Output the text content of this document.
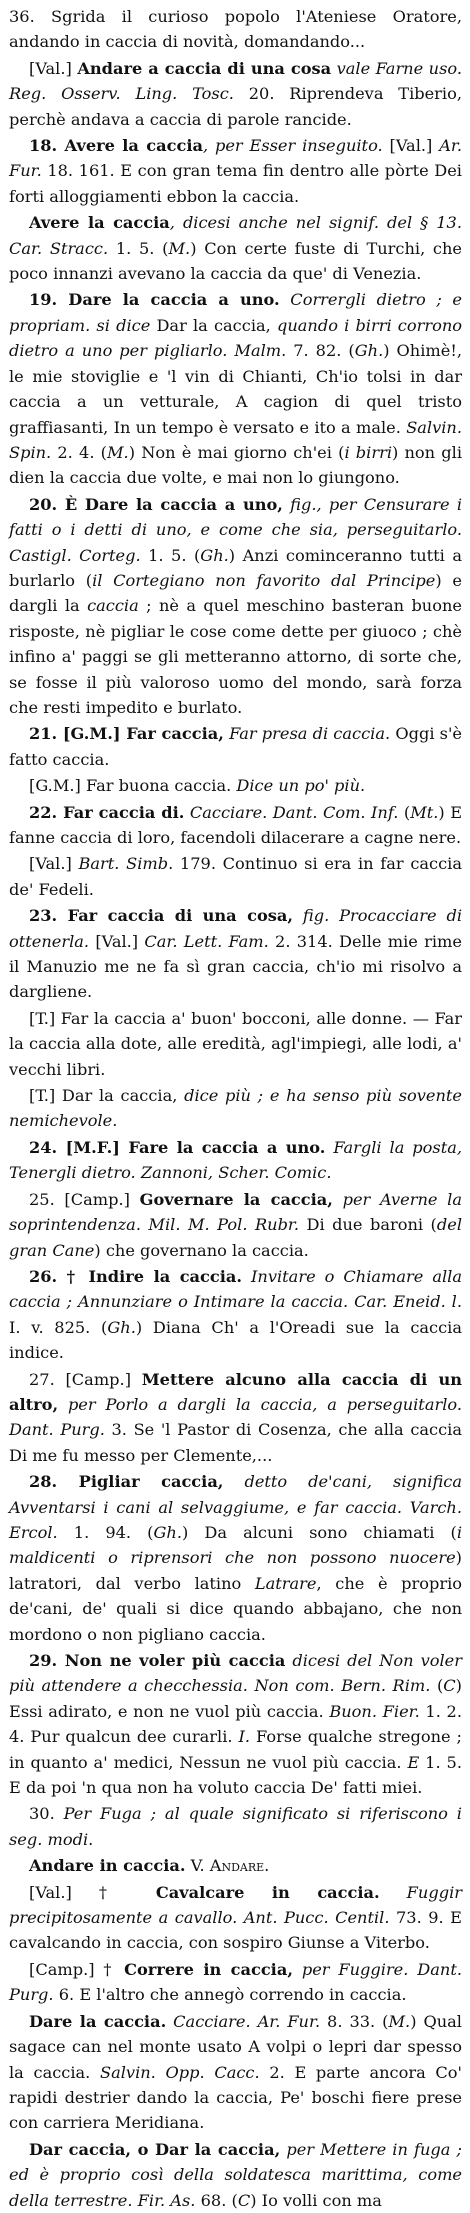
36. Sgrida il curioso popolo l'Ateniese Oratore, andando in caccia di novità, domandando...

[Val.] Andare a caccia di una cosa vale Farne uso. Reg. Osserv. Ling. Tosc. 20. Riprendeva Tiberio, perchè andava a caccia di parole rancide.

18. Avere la caccia, per Esser inseguito. [Val.] Ar. Fur. 18. 161. E con gran tema fin dentro alle pòrte Dei forti alloggiamenti ebbon la caccia.

Avere la caccia, dicesi anche nel signif. del § 13. Car. Stracc. 1. 5. (M.) Con certe fuste di Turchi, che poco innanzi avevano la caccia da que' di Venezia.

19. Dare la caccia a uno. Corrergli dietro ; e propriam. si dice Dar la caccia, quando i birri corrono dietro a uno per pigliarlo. Malm. 7. 82. (Gh.) Ohimè!, le mie stoviglie e 'l vin di Chianti, Ch'io tolsi in dar caccia a un vetturale, A cagion di quel tristo graffiasanti, In un tempo è versato e ito a male. Salvin. Spin. 2. 4. (M.) Non è mai giorno ch'ei (i birri) non gli dien la caccia due volte, e mai non lo giungono.

20. È Dare la caccia a uno, fig., per Censurare i fatti o i detti di uno, e come che sia, perseguitarlo. Castigl. Corteg. 1. 5. (Gh.) Anzi cominceranno tutti a burlarlo (il Cortegiano non favorito dal Principe) e dargli la caccia ; nè a quel meschino basteran buone risposte, nè pigliar le cose come dette per giuoco ; chè infino a' paggi se gli metteranno attorno, di sorte che, se fosse il più valoroso uomo del mondo, sarà forza che resti impedito e burlato.

21. [G.M.] Far caccia, Far presa di caccia. Oggi s'è fatto caccia.

[G.M.] Far buona caccia. Dice un po' più.

22. Far caccia di. Cacciare. Dant. Com. Inf. (Mt.) E fanne caccia di loro, facendoli dilacerare a cagne nere.

[Val.] Bart. Simb. 179. Continuo si era in far caccia de' Fedeli.

23. Far caccia di una cosa, fig. Procacciare di ottenerla. [Val.] Car. Lett. Fam. 2. 314. Delle mie rime il Manuzio me ne fa sì gran caccia, ch'io mi risolvo a dargliene.

[T.] Far la caccia a' buon' bocconi, alle donne. — Far la caccia alla dote, alle eredità, agl'impiegi, alle lodi, a' vecchi libri.

[T.] Dar la caccia, dice più ; e ha senso più sovente nemichevole.

24. [M.F.] Fare la caccia a uno. Fargli la posta, Tenergli dietro. Zannoni, Scher. Comic.

25. [Camp.] Governare la caccia, per Averne la soprintendenza. Mil. M. Pol. Rubr. Di due baroni (del gran Cane) che governano la caccia.

26. † Indire la caccia. Invitare o Chiamare alla caccia ; Annunziare o Intimare la caccia. Car. Eneid. l. I. v. 825. (Gh.) Diana Ch' a l'Oreadi sue la caccia indice.

27. [Camp.] Mettere alcuno alla caccia di un altro, per Porlo a dargli la caccia, a perseguitarlo. Dant. Purg. 3. Se 'l Pastor di Cosenza, che alla caccia Di me fu messo per Clemente,...

28. Pigliar caccia, detto de'cani, significa Avventarsi i cani al selvaggiume, e far caccia. Varch. Ercol. 1. 94. (Gh.) Da alcuni sono chiamati (i maldicenti o riprensori che non possono nuocere) latratori, dal verbo latino Latrare, che è proprio de'cani, de' quali si dice quando abbajano, che non mordono o non pigliano caccia.

29. Non ne voler più caccia dicesi del Non voler più attendere a checchessia. Non com. Bern. Rim. (C) Essi adirato, e non ne vuol più caccia. Buon. Fier. 1. 2. 4. Pur qualcun dee curarli. I. Forse qualche stregone ; in quanto a' medici, Nessun ne vuol più caccia. E 1. 5. E da poi 'n qua non ha voluto caccia De' fatti miei.

30. Per Fuga ; al quale significato si riferiscono i seg. modi.

Andare in caccia. V. Andare.

[Val.] † Cavalcare in caccia. Fuggir precipitosamente a cavallo. Ant. Pucc. Centil. 73. 9. E cavalcando in caccia, con sospiro Giunse a Viterbo.

[Camp.] † Correre in caccia, per Fuggire. Dant. Purg. 6. E l'altro che annegò correndo in caccia.

Dare la caccia. Cacciare. Ar. Fur. 8. 33. (M.) Qual sagace can nel monte usato A volpi o lepri dar spesso la caccia. Salvin. Opp. Cacc. 2. E parte ancora Co' rapidi destrier dando la caccia, Pe' boschi fiere prese con carriera Meridiana.

Dar caccia, o Dar la caccia, per Mettere in fuga ; ed è proprio così della soldatesca marittima, come della terrestre. Fir. As. 68. (C) Io volli con ma
